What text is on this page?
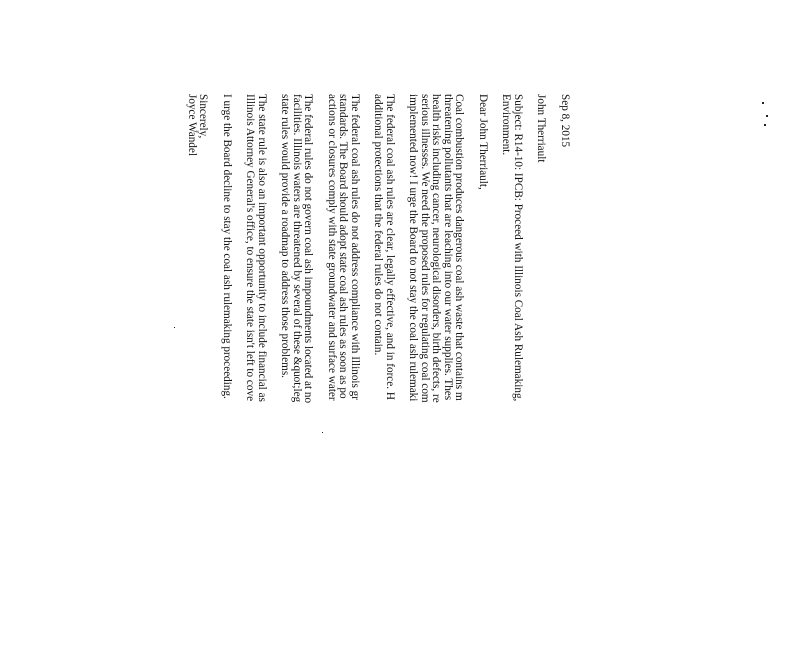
Sep 8, 2015
John Therriault
Subject: R14-10: IPCB: Proceed with Illinois Coal Ash Rulemaking,
Environment.
Dear John Therriault,
Coal combustion produces dangerous coal ash waste that contains m
threatening pollutants that are leaching into our water supplies. Thes
health risks including cancer, neurological disorders, birth defects, re
serious illnesses. We need the proposed rules for regulating coal com
implemented now! I urge the Board to not stay the coal ash rulemaki
The federal coal ash rules are clear, legally effective, and in force. H
additional protections that the federal rules do not contain.
The federal coal ash rules do not address compliance with Illinois gr
standards. The Board should adopt state coal ash rules as soon as po
actions or closures comply with state groundwater and surface water
The federal rules do not govern coal ash impoundments located at no
facilities. Illinois waters are threatened by several of these &quot;leg
state rules would provide a roadmap to address those problems.
The state rule is also an important opportunity to include financial as
Illinois Attorney General's office, to ensure the state isn't left to cove
I urge the Board decline to stay the coal ash rulemaking proceeding.
Sincerely,
Joyce Wandel
